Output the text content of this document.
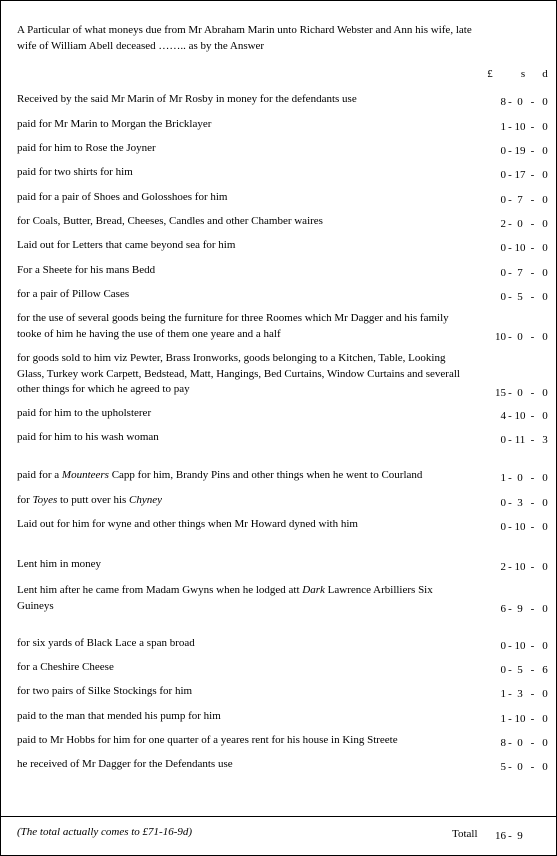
A Particular of what moneys due from Mr Abraham Marin unto Richard Webster and Ann his wife, late wife of William Abell deceased …….. as by the Answer
£	s	d
Received by the said Mr Marin of Mr Rosby in money for the defendants use	8 - 0 - 0
paid for Mr Marin to Morgan the Bricklayer	1 - 10 - 0
paid for him to Rose the Joyner	0 - 19 - 0
paid for two shirts for him	0 - 17 - 0
paid for a pair of Shoes and Golosshoes for him	0 - 7 - 0
for Coals, Butter, Bread, Cheeses, Candles and other Chamber waires	2 - 0 - 0
Laid out for Letters that came beyond sea for him	0 - 10 - 0
For a Sheete for his mans Bedd	0 - 7 - 0
for a pair of Pillow Cases	0 - 5 - 0
for the use of several goods being the furniture for three Roomes which Mr Dagger and his family tooke of him he having the use of them one yeare and a half	10 - 0 - 0
for goods sold to him viz Pewter, Brass Ironworks, goods belonging to a Kitchen, Table, Looking Glass, Turkey work Carpett, Bedstead, Matt, Hangings, Bed Curtains, Window Curtains and severall other things for which he agreed to pay	15 - 0 - 0
paid for him to the upholsterer	4 - 10 - 0
paid for him to his wash woman	0 - 11 - 3
paid for a Mounteers Capp for him, Brandy Pins and other things when he went to Courland	1 - 0 - 0
for Toyes to putt over his Chyney	0 - 3 - 0
Laid out for him for wyne and other things when Mr Howard dyned with him	0 - 10 - 0
Lent him in money	2 - 10 - 0
Lent him after he came from Madam Gwyns when he lodged att Dark Lawrence Arbilliers Six Guineys	6 - 9 - 0
for six yards of Black Lace a span broad	0 - 10 - 0
for a Cheshire Cheese	0 - 5 - 6
for two pairs of Silke Stockings for him	1 - 3 - 0
paid to the man that mended his pump for him	1 - 10 - 0
paid to Mr Hobbs for him for one quarter of a yeares rent for his house in King Streete	8 - 0 - 0
he received of Mr Dagger for the Defendants use	5 - 0 - 0
Totall	16 - 9
(The total actually comes to £71-16-9d)
